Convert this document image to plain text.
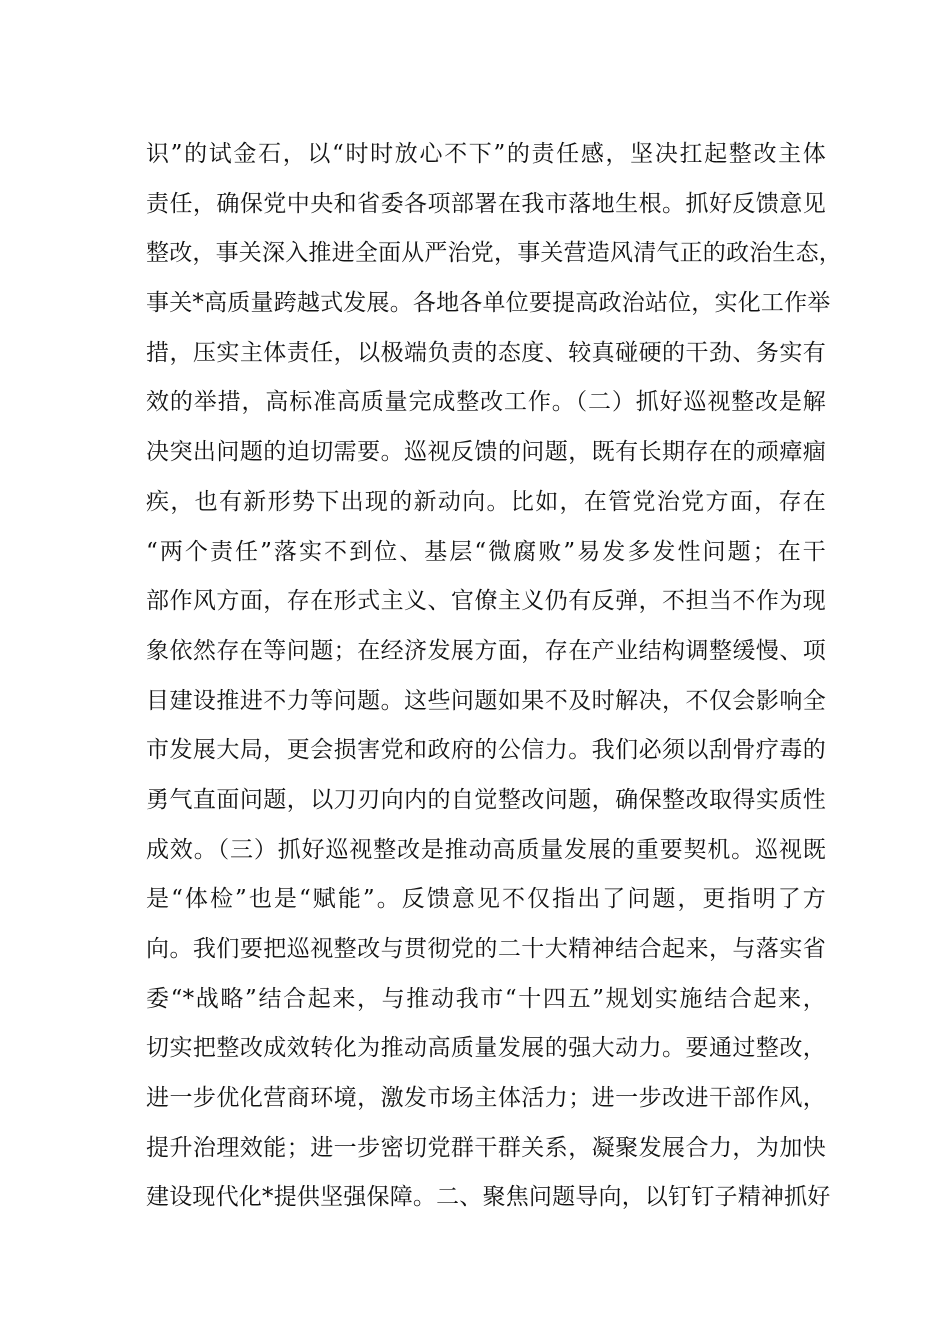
识”的试金石，以“时时放心不下”的责任感，坚决扛起整改主体
责任，确保党中央和省委各项部署在我市落地生根。抓好反馈意见
整改，事关深入推进全面从严治党，事关营造风清气正的政治生态，
事关*高质量跨越式发展。各地各单位要提高政治站位，实化工作举
措，压实主体责任，以极端负责的态度、较真碰硬的干劲、务实有
效的举措，高标准高质量完成整改工作。（二）抓好巡视整改是解
决突出问题的迫切需要。巡视反馈的问题，既有长期存在的顽瘴痼
疾，也有新形势下出现的新动向。比如，在管党治党方面，存在
“两个责任”落实不到位、基层“微腐败”易发多发性问题；在干
部作风方面，存在形式主义、官僚主义仍有反弹，不担当不作为现
象依然存在等问题；在经济发展方面，存在产业结构调整缓慢、项
目建设推进不力等问题。这些问题如果不及时解决，不仅会影响全
市发展大局，更会损害党和政府的公信力。我们必须以刮骨疗毒的
勇气直面问题，以刀刃向内的自觉整改问题，确保整改取得实质性
成效。（三）抓好巡视整改是推动高质量发展的重要契机。巡视既
是“体检”也是“赋能”。反馈意见不仅指出了问题，更指明了方
向。我们要把巡视整改与贯彻党的二十大精神结合起来，与落实省
委“*战略”结合起来，与推动我市“十四五”规划实施结合起来，
切实把整改成效转化为推动高质量发展的强大动力。要通过整改，
进一步优化营商环境，激发市场主体活力；进一步改进干部作风，
提升治理效能；进一步密切党群干群关系，凝聚发展合力，为加快
建设现代化*提供坚强保障。二、聚焦问题导向，以钉钉子精神抓好
